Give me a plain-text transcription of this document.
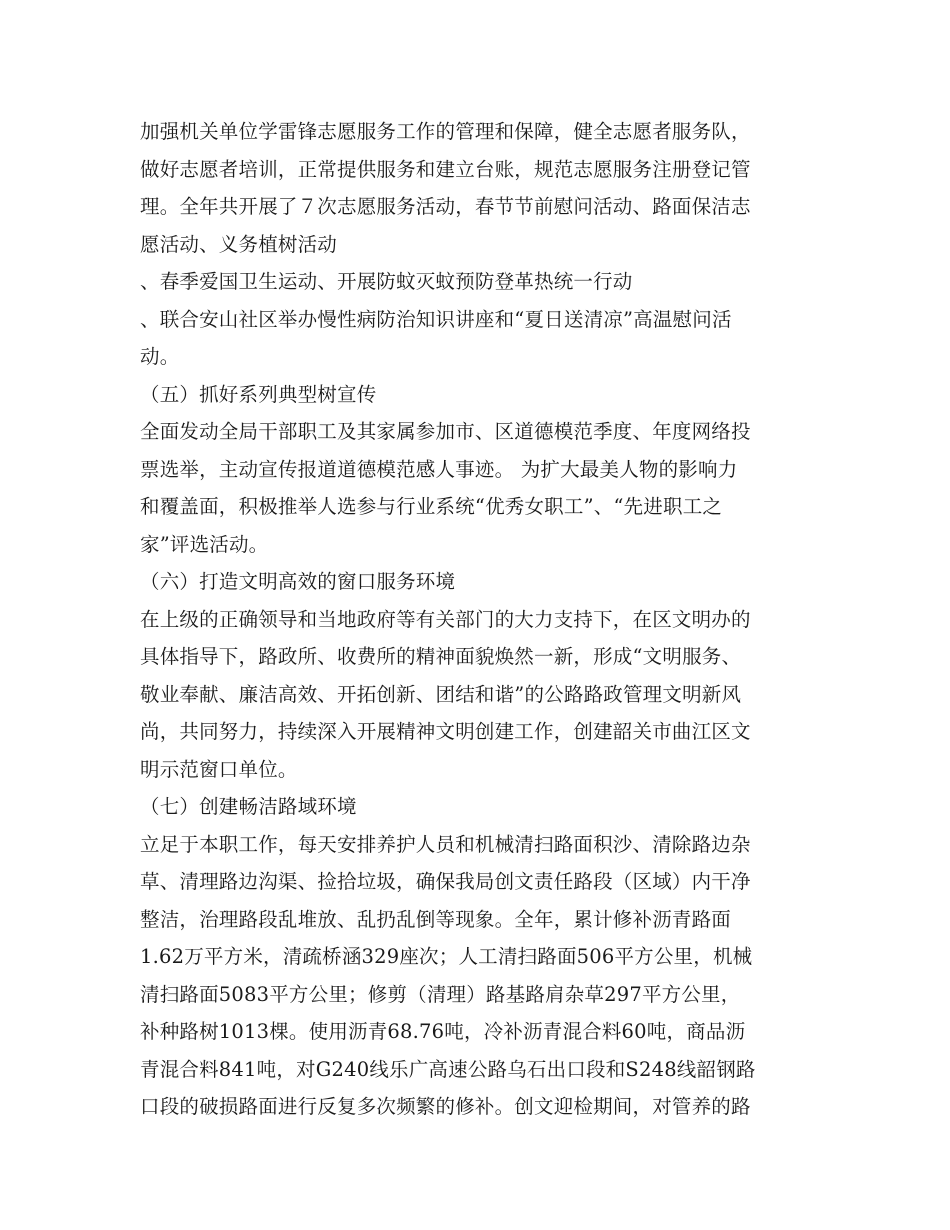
加强机关单位学雷锋志愿服务工作的管理和保障，健全志愿者服务队，
做好志愿者培训，正常提供服务和建立台账，规范志愿服务注册登记管
理。全年共开展了７次志愿服务活动，春节节前慰问活动、路面保洁志
愿活动、义务植树活动
、春季爱国卫生运动、开展防蚊灭蚊预防登革热统一行动
、联合安山社区举办慢性病防治知识讲座和“夏日送清凉”高温慰问活
动。
（五）抓好系列典型树宣传
全面发动全局干部职工及其家属参加市、区道德模范季度、年度网络投
票选举，主动宣传报道道德模范感人事迹。 为扩大最美人物的影响力
和覆盖面，积极推举人选参与行业系统“优秀女职工”、“先进职工之
家”评选活动。
（六）打造文明高效的窗口服务环境
在上级的正确领导和当地政府等有关部门的大力支持下，在区文明办的
具体指导下，路政所、收费所的精神面貌焕然一新，形成“文明服务、
敬业奉献、廉洁高效、开拓创新、团结和谐”的公路路政管理文明新风
尚，共同努力，持续深入开展精神文明创建工作，创建韶关市曲江区文
明示范窗口单位。
（七）创建畅洁路域环境
立足于本职工作，每天安排养护人员和机械清扫路面积沙、清除路边杂
草、清理路边沟渠、捡拾垃圾，确保我局创文责任路段（区域）内干净
整洁，治理路段乱堆放、乱扔乱倒等现象。全年，累计修补沥青路面
1.62万平方米，清疏桥涵329座次；人工清扫路面506平方公里，机械
清扫路面5083平方公里；修剪（清理）路基路肩杂草297平方公里，
补种路树1013棵。使用沥青68.76吨，冷补沥青混合料60吨，商品沥
青混合料841吨，对G240线乐广高速公路乌石出口段和S248线韶钢路
口段的破损路面进行反复多次频繁的修补。创文迎检期间，对管养的路
